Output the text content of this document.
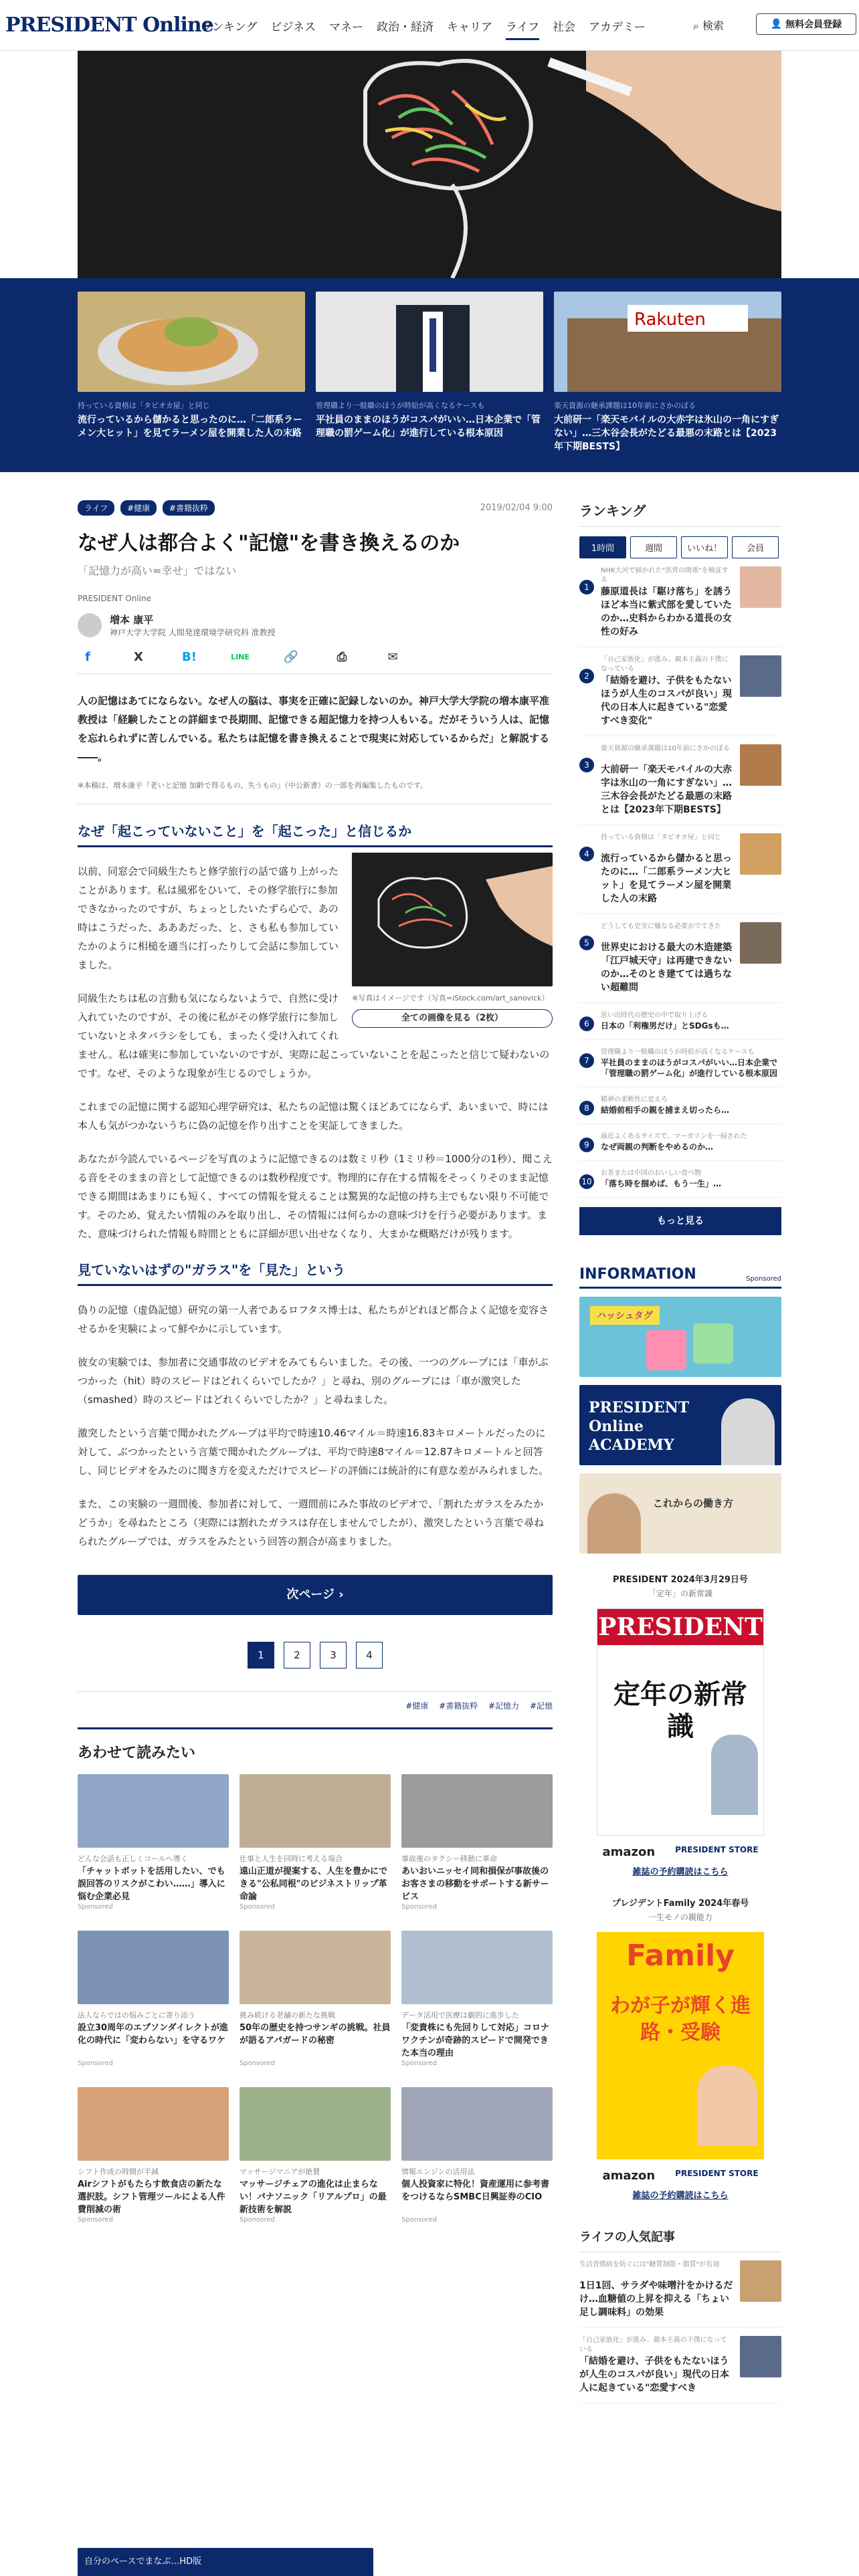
PRESIDENT Online
ランキング ビジネス マネー 政治・経済 キャリア ライフ 社会 アカデミー	⌕ 検索	👤 無料会員登録
持っている資格は「タピオカ屋」と同じ
流行っているから儲かると思ったのに…「二郎系ラーメン大ヒット」を見てラーメン屋を開業した人の末路
管理職より一般職のほうが時給が高くなるケースも
平社員のままのほうがコスパがいい…日本企業で「管理職の罰ゲーム化」が進行している根本原因
Rakuten
楽天資源の継承課題は10年前にさかのぼる
大前研一「楽天モバイルの大赤字は氷山の一角にすぎない」…三木谷会長がたどる最悪の末路とは【2023年下期BESTS】
ライフ #健康 #書籍抜粋	2019/02/04 9:00
なぜ人は都合よく"記憶"を書き換えるのか
「記憶力が高い=幸せ」ではない
PRESIDENT Online
増本 康平
神戸大学大学院 人間発達環境学研究科 准教授
f	X	B!	LINE	🔗	⎙	✉
人の記憶はあてにならない。なぜ人の脳は、事実を正確に記録しないのか。神戸大学大学院の増本康平准教授は「経験したことの詳細まで長期間、記憶できる超記憶力を持つ人もいる。だがそういう人は、記憶を忘れられずに苦しんでいる。私たちは記憶を書き換えることで現実に対応しているからだ」と解説する――。
※本稿は、増本康平『老いと記憶 加齢で得るもの、失うもの』（中公新書）の一部を再編集したものです。
なぜ「起こっていないこと」を「起こった」と信じるか
※写真はイメージです（写真=iStock.com/art_sanovick）
全ての画像を見る（2枚）

以前、同窓会で同級生たちと修学旅行の話で盛り上がったことがあります。私は風邪をひいて、その修学旅行に参加できなかったのですが、ちょっとしたいたずら心で、あの時はこうだった、あああだった、と、さも私も参加していたかのように相槌を適当に打ったりして会話に参加していました。

同級生たちは私の言動も気にならないようで、自然に受け入れていたのですが、その後に私がその修学旅行に参加していないとネタバラシをしても、まったく受け入れてくれません。私は確実に参加していないのですが、実際に起こっていないことを起こったと信じて疑わないのです。なぜ、そのような現象が生じるのでしょうか。

これまでの記憶に関する認知心理学研究は、私たちの記憶は驚くほどあてにならず、あいまいで、時には本人も気がつかないうちに偽の記憶を作り出すことを実証してきました。

あなたが今読んでいるページを写真のように記憶できるのは数ミリ秒（1ミリ秒＝1000分の1秒）、聞こえる音をそのままの音として記憶できるのは数秒程度です。物理的に存在する情報をそっくりそのまま記憶できる期間はあまりにも短く、すべての情報を覚えることは驚異的な記憶の持ち主でもない限り不可能です。そのため、覚えたい情報のみを取り出し、その情報には何らかの意味づけを行う必要があります。また、意味づけられた情報も時間とともに詳細が思い出せなくなり、大まかな概略だけが残ります。

見ていないはずの"ガラス"を「見た」という

偽りの記憶（虚偽記憶）研究の第一人者であるロフタス博士は、私たちがどれほど都合よく記憶を変容させるかを実験によって鮮やかに示しています。

彼女の実験では、参加者に交通事故のビデオをみてもらいました。その後、一つのグループには「車がぶつかった（hit）時のスピードはどれくらいでしたか？」と尋ね、別のグループには「車が激突した（smashed）時のスピードはどれくらいでしたか？」と尋ねました。

激突したという言葉で聞かれたグループは平均で時速10.46マイル＝時速16.83キロメートルだったのに対して、ぶつかったという言葉で聞かれたグループは、平均で時速8マイル＝12.87キロメートルと回答し、同じビデオをみたのに聞き方を変えただけでスピードの評価には統計的に有意な差がみられました。

また、この実験の一週間後、参加者に対して、一週間前にみた事故のビデオで、「割れたガラスをみたかどうか」を尋ねたところ（実際には割れたガラスは存在しませんでしたが）、激突したという言葉で尋ねられたグループでは、ガラスをみたという回答の割合が高まりました。

次ページ ›
1	2	3	4
#健康 #書籍抜粋 #記憶力 #記憶
あわせて読みたい
どんな会話も正しくコールへ導く
「チャットボットを活用したい、でも誤回答のリスクがこわい……」導入に悩む企業必見
Sponsored
仕事と人生を同時に考える場合
遠山正道が提案する、人生を豊かにできる"公私同根"のビジネストリップ革命論
Sponsored
事故後のタクシー移動に革命
あいおいニッセイ同和損保が事故後のお客さまの移動をサポートする新サービス
Sponsored
法人ならではの悩みごとに寄り添う
設立30周年のエプソンダイレクトが進化の時代に「変わらない」を守るワケ
Sponsored
挑み続ける老舗の新たな挑戦
50年の歴史を持つサンギの挑戦。社員が語るアパガードの秘密
Sponsored
データ活用で医療は劇的に進歩した
「変貴株にも先回りして対応」コロナワクチンが奇跡的スピードで開発できた本当の理由
Sponsored
シフト作成の時間が半減
Airシフトがもたらす飲食店の新たな選択肢。シフト管理ツールによる人件費削減の術
Sponsored
マッサージマニアが絶賛
マッサージチェアの進化は止まらない！パナソニック「リアルプロ」の最新技術を解説
Sponsored
情報エンジンの活用法
個人投資家に特化！資産運用に参考書をつけるならSMBC日興証券のCIO
Sponsored
ランキング
1時間	週間	いいね！	会員
1
NHK大河で描かれた"黒背の関係"を検証する
藤原道長は「駆け落ち」を誘うほど本当に紫式部を愛していたのか…史料からわかる道長の女性の好み
2
「自己家族化」が進み、親本主義の下僕になっている
「結婚を避け、子供をもたないほうが人生のコスパが良い」現代の日本人に起きている"恋愛すべき変化"
3
楽天資源の継承課題は10年前にさかのぼる
大前研一「楽天モバイルの大赤字は氷山の一角にすぎない」…三木谷会長がたどる最悪の末路とは【2023年下期BESTS】
4
持っている資格は「タピオカ屋」と同じ
流行っているから儲かると思ったのに…「二郎系ラーメン大ヒット」を見てラーメン屋を開業した人の末路
5
どうしても史実に嘘なる必要がでてきた
世界史における最大の木造建築「江戸城天守」は再建できないのか…そのとき建てては過ちない超難問
6
思い出時代の歴史の中で取り上げる
日本の「利権男だけ」とSDGsも…
7
管理職より一般職のほうが時給が高くなるケースも
平社員のままのほうがコスパがいい…日本企業で「管理職の罰ゲーム化」が進行している根本原因
8
精神の柔軟性に変えろ
結婚前相手の親を捕まえ切ったら…
9
最近よくあるサイズで、マーガリンを一掃された
なぜ両親の判断をやめるのか…
10
お茶または中国のおいしい食べ物
「落ち時を掴めば、もう一生」…
もっと見る
INFORMATION	Sponsored
ハッシュタグ
PRESIDENT Online ACADEMY
これからの働き方
PRESIDENT 2024年3月29日号
「定年」の新常識
PRESIDENT
定年の新常識
amazon	PRESIDENT STORE
雑誌の予約購読はこちら
プレジデントFamily 2024年春号
一生モノの親能力
Family
わが子が輝く進路・受験
amazon	PRESIDENT STORE
雑誌の予約購読はこちら
ライフの人気記事
生活習慣病を防ぐには"糖質制限・脂質"が有効
1日1回、サラダや味噌汁をかけるだけ…血糖値の上昇を抑える「ちょい足し調味料」の効果
「自己家族化」が進み、親本主義の下僕になっている
「結婚を避け、子供をもたないほうが人生のコスパが良い」現代の日本人に起きている"恋愛すべき
自分のペースでまなぶ…HD版
